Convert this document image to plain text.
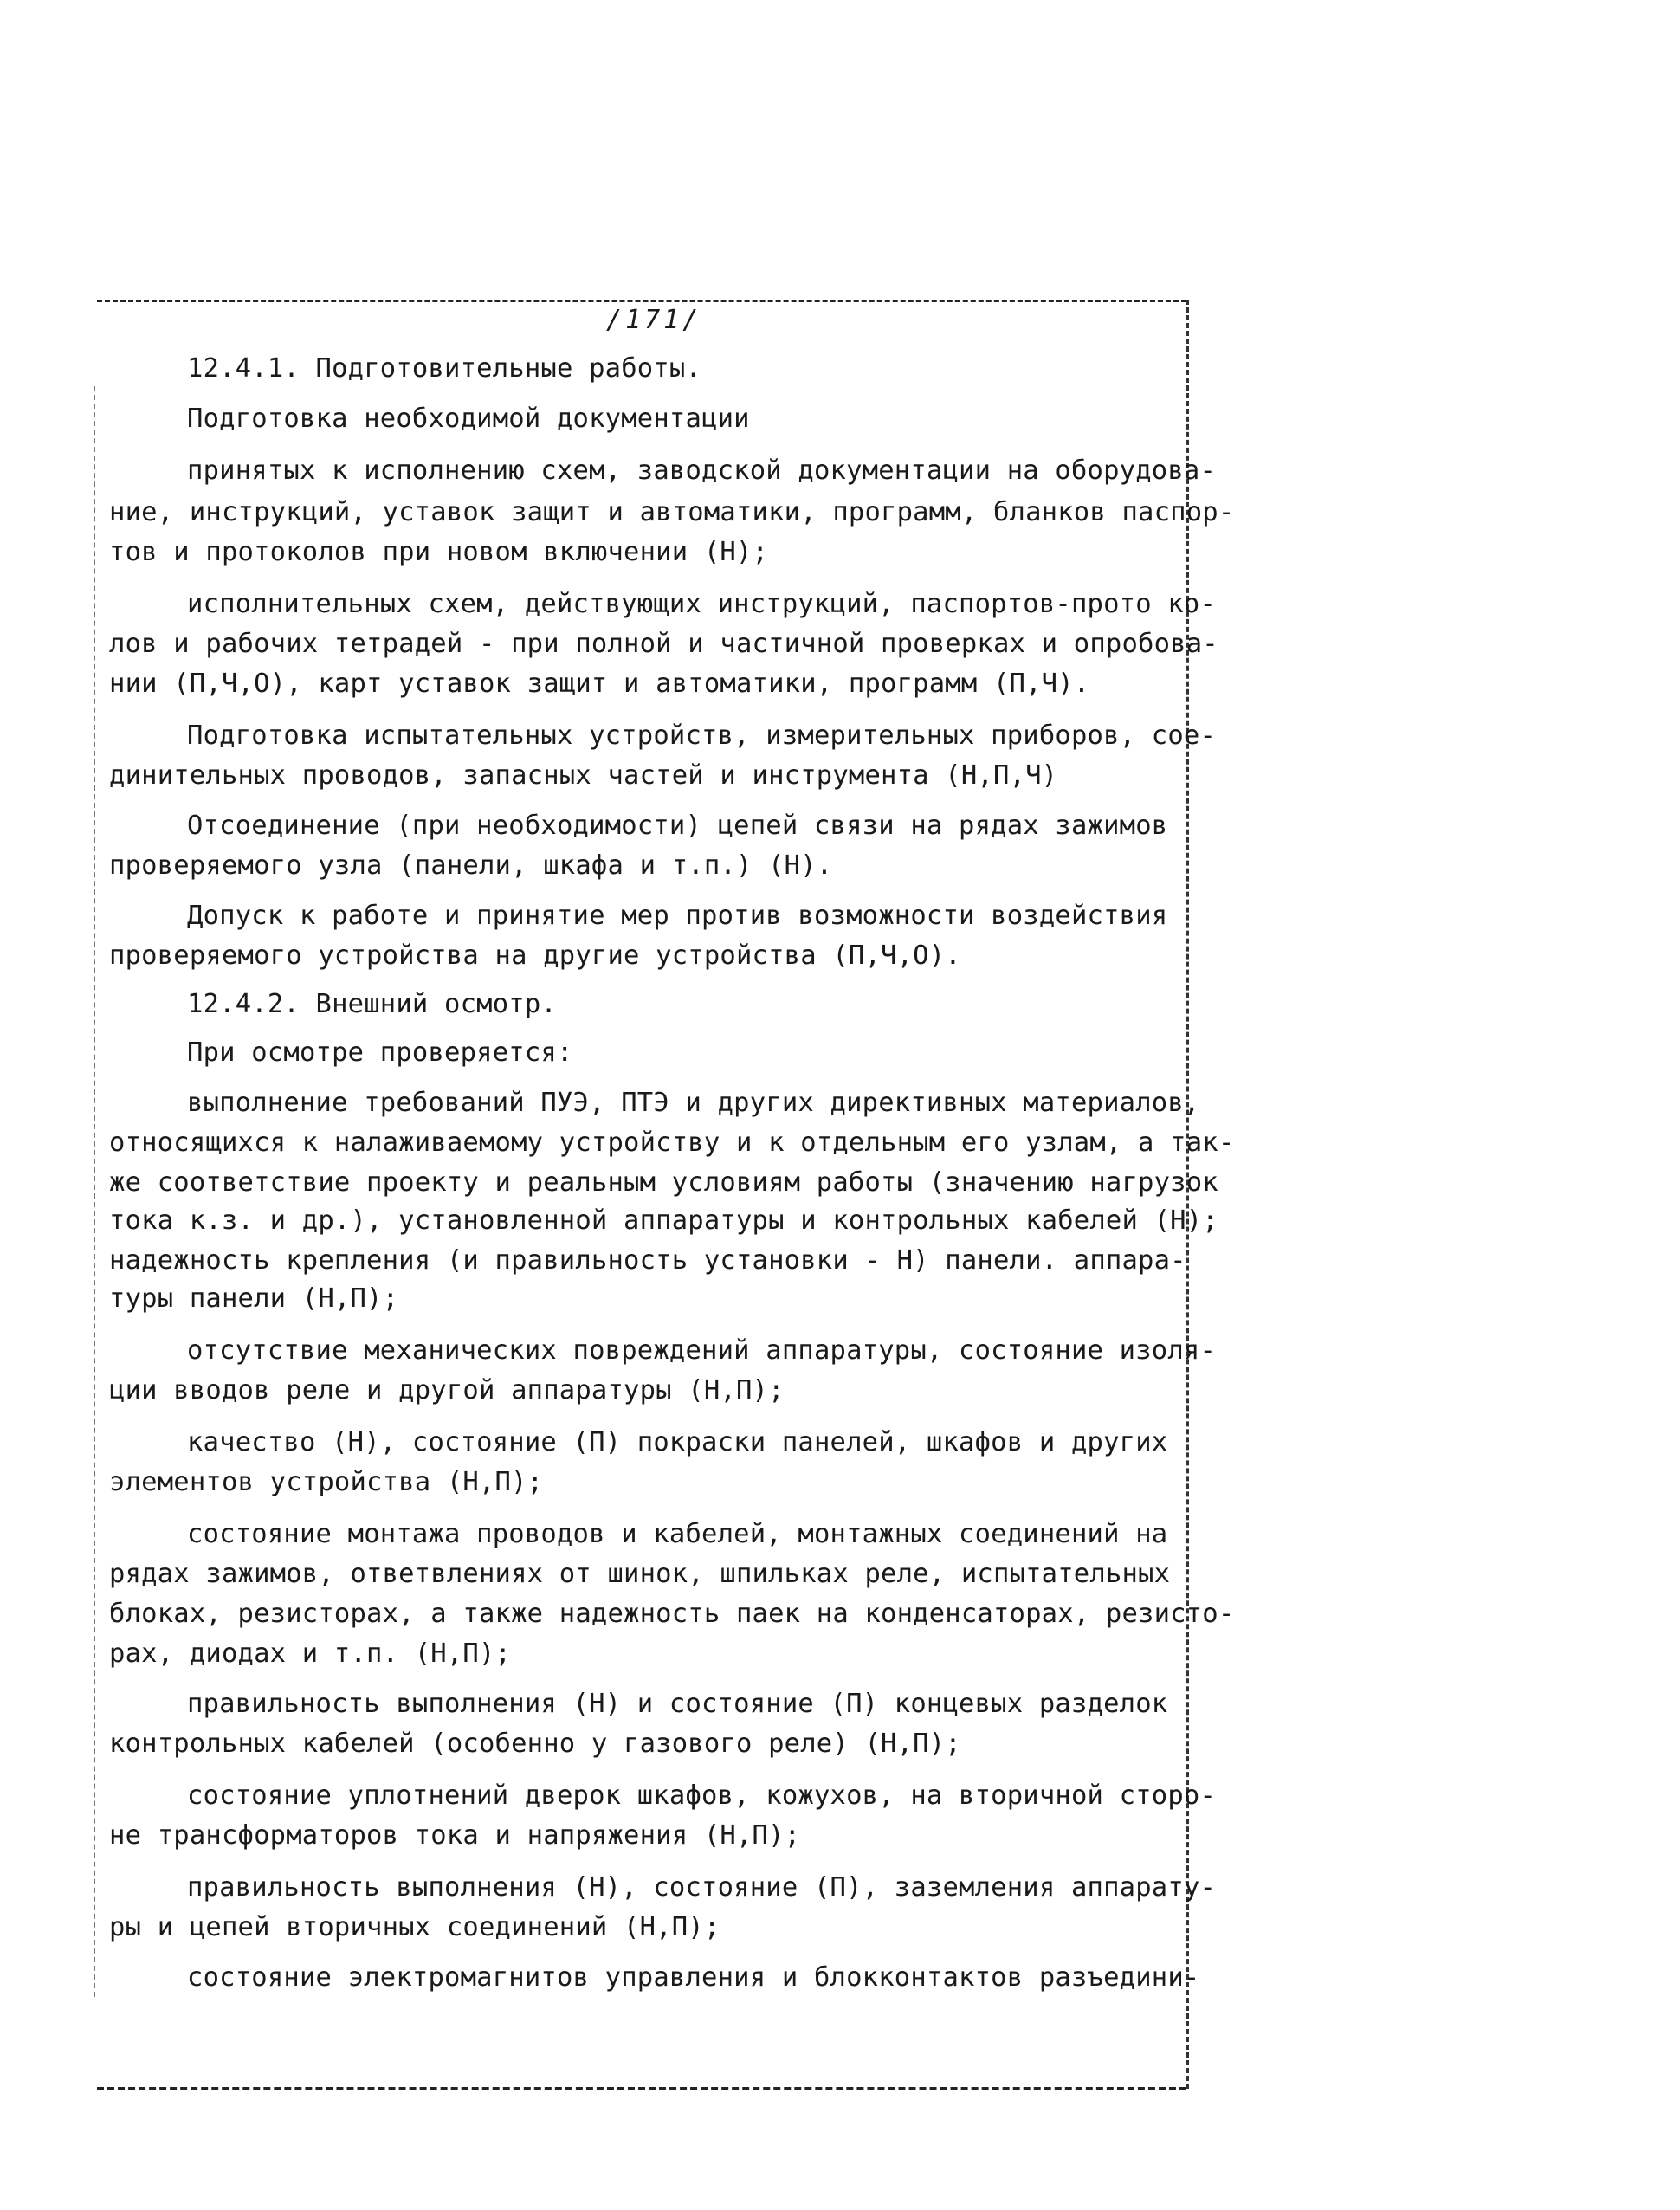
/171/
12.4.1. Подготовительные работы.
Подготовка необходимой документации
принятых к исполнению схем, заводской документации на оборудова-
ние, инструкций, уставок защит и автоматики, программ, бланков паспор-
тов и протоколов при новом включении (Н);
исполнительных схем, действующих инструкций, паспортов-прото ко-
лов и рабочих тетрадей - при полной и частичной проверках и опробова-
нии (П,Ч,О), карт уставок защит и автоматики, программ (П,Ч).
Подготовка испытательных устройств, измерительных приборов, сое-
динительных проводов, запасных частей и инструмента (Н,П,Ч)
Отсоединение (при необходимости) цепей связи на рядах зажимов
проверяемого узла (панели, шкафа и т.п.) (Н).
Допуск к работе и принятие мер против возможности воздействия
проверяемого устройства на другие устройства (П,Ч,О).
12.4.2. Внешний осмотр.
При осмотре проверяется:
выполнение требований ПУЭ, ПТЭ и других директивных материалов,
относящихся к налаживаемому устройству и к отдельным его узлам, а так-
же соответствие проекту и реальным условиям работы (значению нагрузок
тока к.з. и др.), установленной аппаратуры и контрольных кабелей (Н);
надежность крепления (и правильность установки - Н) панели. аппара-
туры панели (Н,П);
отсутствие механических повреждений аппаратуры, состояние изоля-
ции вводов реле и другой аппаратуры (Н,П);
качество (Н), состояние (П) покраски панелей, шкафов и других
элементов устройства (Н,П);
состояние монтажа проводов и кабелей, монтажных соединений на
рядах зажимов, ответвлениях от шинок, шпильках реле, испытательных
блоках, резисторах, а также надежность паек на конденсаторах, резисто-
рах, диодах и т.п. (Н,П);
правильность выполнения (Н) и состояние (П) концевых разделок
контрольных кабелей (особенно у газового реле) (Н,П);
состояние уплотнений дверок шкафов, кожухов, на вторичной сторо-
не трансформаторов тока и напряжения (Н,П);
правильность выполнения (Н), состояние (П), заземления аппарату-
ры и цепей вторичных соединений (Н,П);
состояние электромагнитов управления и блокконтактов разъедини-
